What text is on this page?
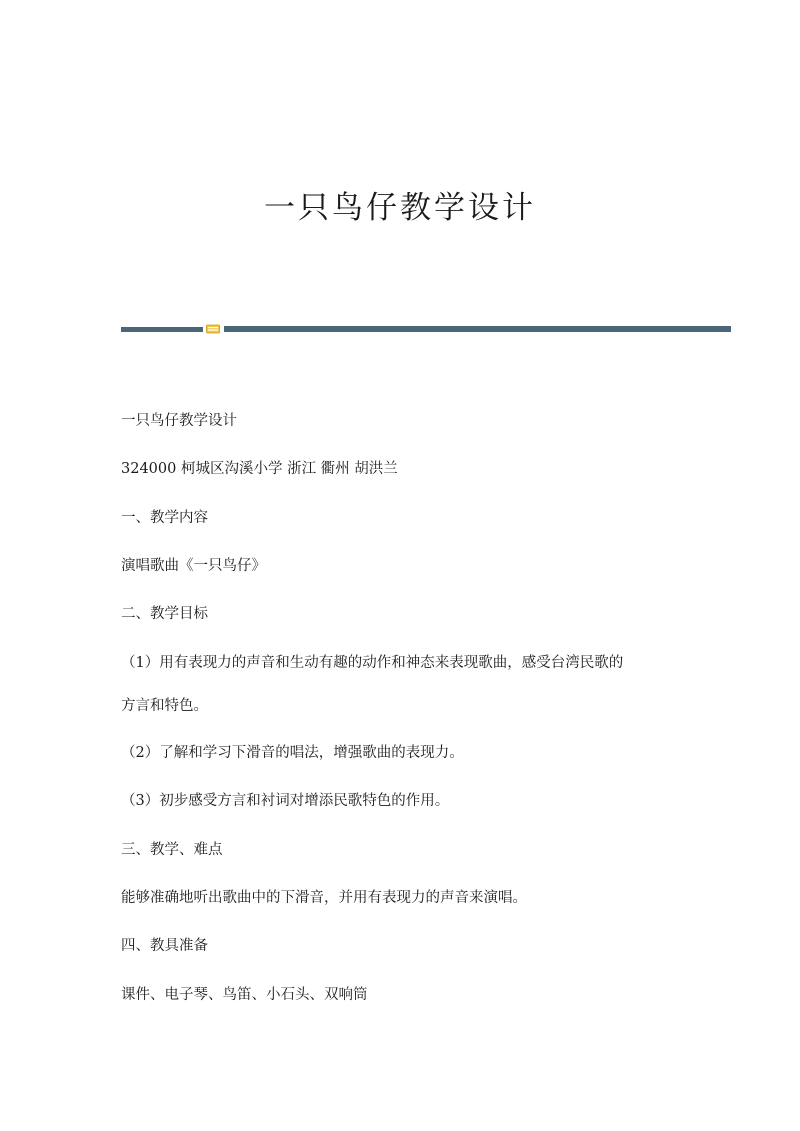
一只鸟仔教学设计
一只鸟仔教学设计
324000 柯城区沟溪小学 浙江 衢州 胡洪兰
一、教学内容
演唱歌曲《一只鸟仔》
二、教学目标
（1）用有表现力的声音和生动有趣的动作和神态来表现歌曲，感受台湾民歌的
方言和特色。
（2）了解和学习下滑音的唱法，增强歌曲的表现力。
（3）初步感受方言和衬词对增添民歌特色的作用。
三、教学、难点
能够准确地听出歌曲中的下滑音，并用有表现力的声音来演唱。
四、教具准备
课件、电子琴、鸟笛、小石头、双响筒
